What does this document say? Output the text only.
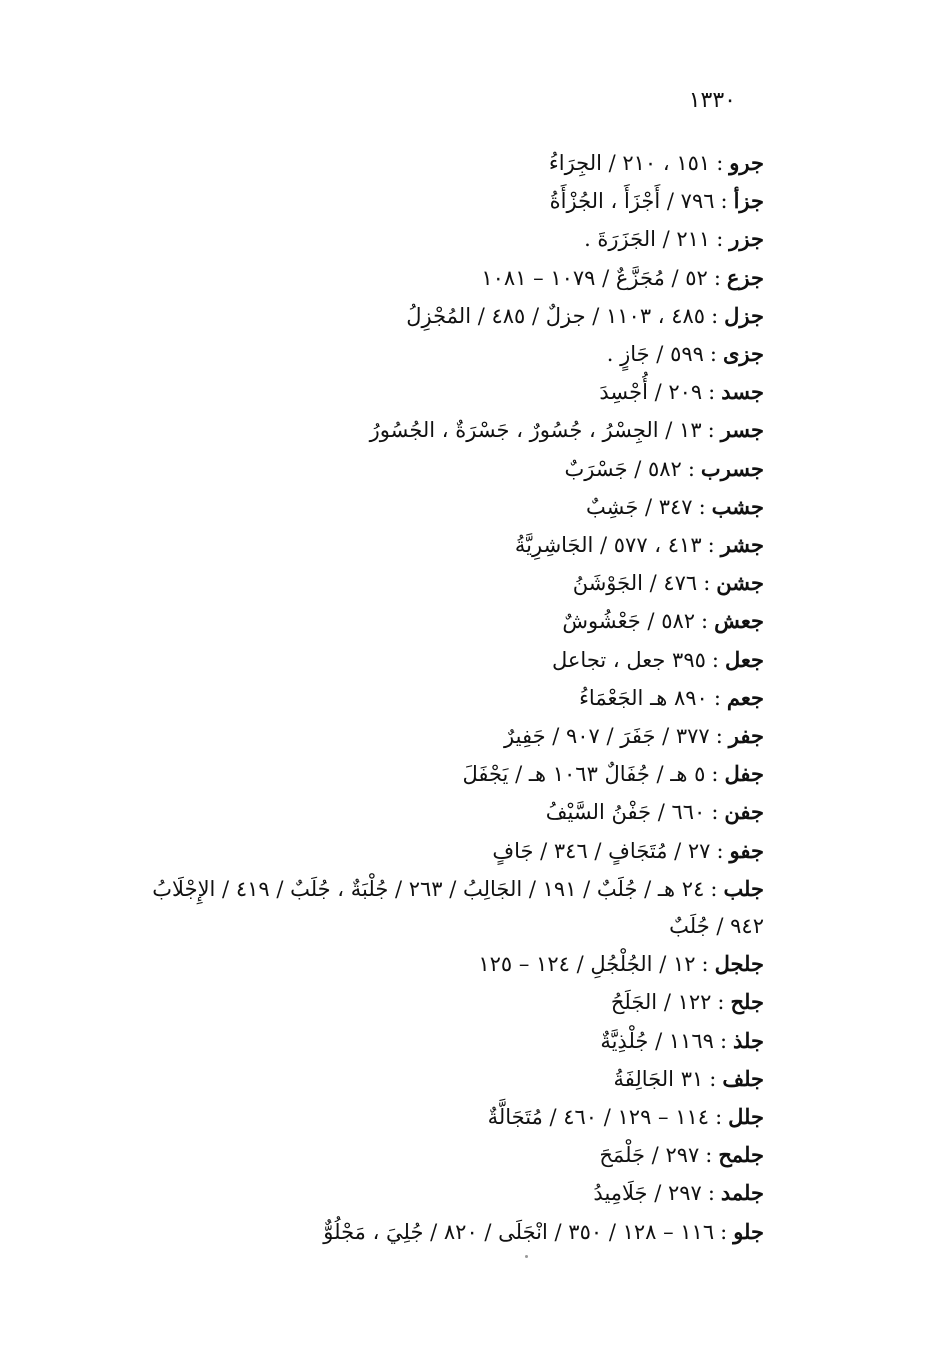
١٣٣٠
جرو:١٥١ ، ٢١٠ / الجِرَاءُ
جزأ:٧٩٦ / أَجْزَأَ ، الجُزْأَةُ
جزر:٢١١ / الجَزَرَةَ .
جزع:٥٢ / مُجَزَّعٌ / ١٠٧٩ – ١٠٨١
جزل:٤٨٥ ، ١١٠٣ / جزلٌ / ٤٨٥ / المُجْزِلُ
جزى:٥٩٩ / جَازٍ .
جسد:٢٠٩ / أُجْسِدَ
جسر:١٣ / الجِسْرُ ، جُسُورٌ ، جَسْرَةٌ ، الجُسُورُ
جسرب:٥٨٢ / جَسْرَبٌ
جشب:٣٤٧ / جَشِبٌ
جشر:٤١٣ ، ٥٧٧ / الجَاشِرِيَّةُ
جشن:٤٧٦ / الجَوْشَنُ
جعش:٥٨٢ / جَعْشُوشٌ
جعل:٣٩٥ جعل ، تجاعل
جعم:٨٩٠ هـ الجَعْمَاءُ
جفر:٣٧٧ / جَفَرَ / ٩٠٧ / جَفِيرٌ
جفل:٥ هـ / جُفَالٌ ١٠٦٣ هـ / يَجْفَلَ
جفن:٦٦٠ / جَفْنُ السَّيْفُ
جفو:٢٧ / مُتَجَافٍ / ٣٤٦ / جَافٍ
جلب:٢٤ هـ / جُلَبٌ / ١٩١ / الجَالِبُ / ٢٦٣ / جُلْبَةٌ ، جُلَبٌ / ٤١٩ / الإِجْلَابُ
٩٤٢ / جُلَبٌ
جلجل:١٢ / الجُلْجُلِ / ١٢٤ – ١٢٥
جلح:١٢٢ / الجَلَحُ
جلذ:١١٦٩ / جُلْذِيَّةٌ
جلف:٣١ الجَالِفَةُ
جلل:١١٤ – ١٢٩ / ٤٦٠ / مُتَجَالَّةٌ
جلمح:٢٩٧ / جَلْمَحَ
جلمد:٢٩٧ / جَلَامِيدُ
جلو:١١٦ – ١٢٨ / ٣٥٠ / انْجَلَى / ٨٢٠ / جُلِيَ ، مَجْلُوٌّ
